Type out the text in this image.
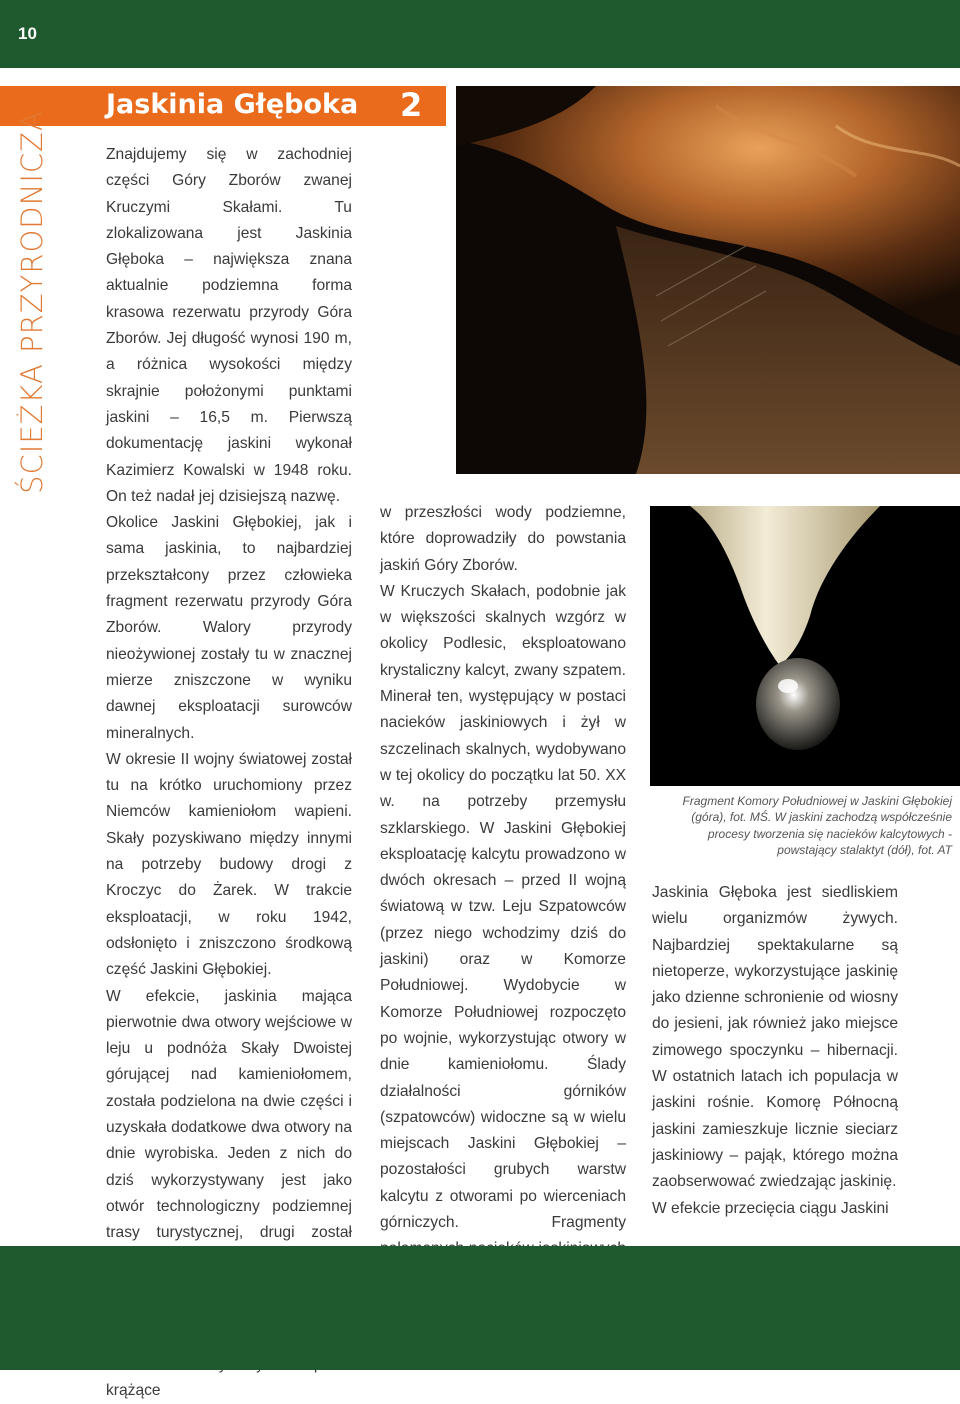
10
Jaskinia Głęboka 2
ŚCIEŻKA PRZYRODNICZA	Znajdujemy się w zachodniej części Góry Zborów zwanej Kruczymi Skałami. Tu zlokalizowana jest Jaskinia Głęboka – największa znana aktualnie podziemna forma krasowa rezerwatu przyrody Góra Zborów. Jej długość wynosi 190 m, a różnica wysokości między skrajnie położonymi punktami jaskini – 16,5 m. Pierwszą dokumentację jaskini wykonał Kazimierz Kowalski w 1948 roku. On też nadał jej dzisiejszą nazwę.

Okolice Jaskini Głębokiej, jak i sama jaskinia, to najbardziej przekształcony przez człowieka fragment rezerwatu przyrody Góra Zborów. Walory przyrody nieożywionej zostały tu w znacznej mierze zniszczone w wyniku dawnej eksploatacji surowców mineralnych.

W okresie II wojny światowej został tu na krótko uruchomiony przez Niemców kamieniołom wapieni. Skały pozyskiwano między innymi na potrzeby budowy drogi z Kroczyc do Żarek. W trakcie eksploatacji, w roku 1942, odsłonięto i zniszczono środkową część Jaskini Głębokiej.

W efekcie, jaskinia mająca pierwotnie dwa otwory wejściowe w leju u podnóża Skały Dwoistej górującej nad kamieniołomem, została podzielona na dwie części i uzyskała dodatkowe dwa otwory na dnie wyrobiska. Jeden z nich do dziś wykorzystywany jest jako otwór technologiczny podziemnej trasy turystycznej, drugi został krążące

w przeszłości wody podziemne, które doprowadziły do powstania jaskiń Góry Zborów.

W Kruczych Skałach, podobnie jak w większości skalnych wzgórz w okolicy Podlesic, eksploatowano krystaliczny kalcyt, zwany szpatem. Minerał ten, występujący w postaci nacieków jaskiniowych i żył w szczelinach skalnych, wydobywano w tej okolicy do początku lat 50. XX w. na potrzeby przemysłu szklarskiego. W Jaskini Głębokiej eksploatację kalcytu prowadzono w dwóch okresach – przed II wojną światową w tzw. Leju Szpatowców (przez niego wchodzimy dziś do jaskini) oraz w Komorze Południowej. Wydobycie w Komorze Południowej rozpoczęto po wojnie, wykorzystując otwory w dnie kamieniołomu. Ślady działalności górników (szpatowców) widoczne są w wielu miejscach Jaskini Głębokiej – pozostałości grubych warstw kalcytu z otworami po wierceniach górniczych. Fragmenty

Fragment Komory Południowej w Jaskini Głębokiej (góra), fot. MŚ. W jaskini zachodzą współcześnie procesy tworzenia się nacieków kalcytowych - powstający stalaktyt (dół), fot. AT

Jaskinia Głęboka jest siedliskiem wielu organizmów żywych. Najbardziej spektakularne są nietoperze, wykorzystujące jaskinię jako dzienne schronienie od wiosny do jesieni, jak również jako miejsce zimowego spoczynku – hibernacji. W ostatnich latach ich populacja w jaskini rośnie. Komorę Północną jaskini zamieszkuje licznie sieciarz jaskiniowy – pająk, którego można zaobserwować zwiedzając jaskinię.

W efekcie przecięcia ciągu Jaskini
